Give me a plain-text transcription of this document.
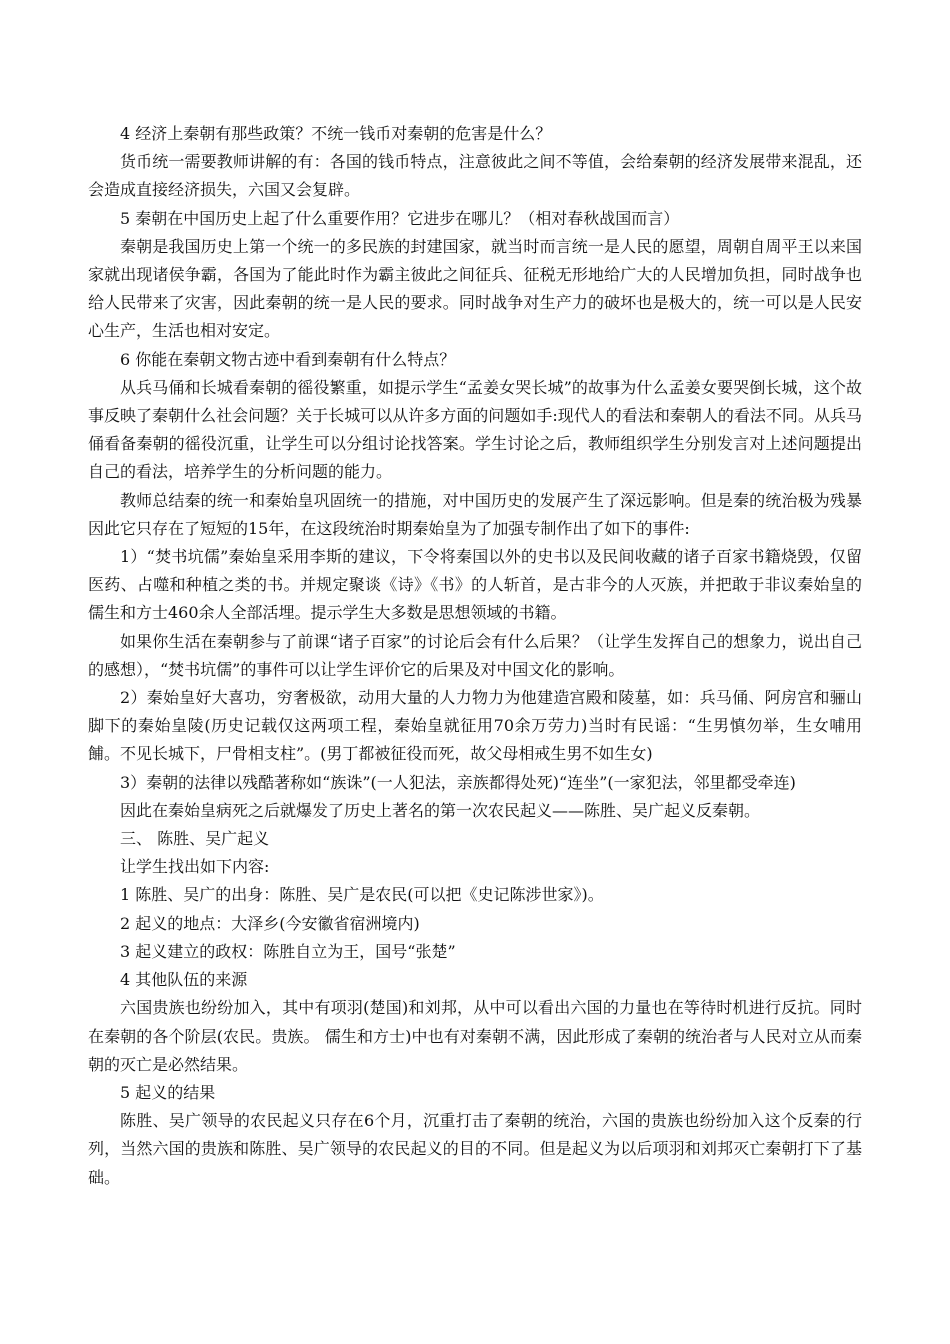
4 经济上秦朝有那些政策？不统一钱币对秦朝的危害是什么？

货币统一需要教师讲解的有：各国的钱币特点，注意彼此之间不等值，会给秦朝的经济发展带来混乱，还会造成直接经济损失，六国又会复辟。

5 秦朝在中国历史上起了什么重要作用？它进步在哪儿？（相对春秋战国而言）

秦朝是我国历史上第一个统一的多民族的封建国家，就当时而言统一是人民的愿望，周朝自周平王以来国家就出现诸侯争霸，各国为了能此时作为霸主彼此之间征兵、征税无形地给广大的人民增加负担，同时战争也给人民带来了灾害，因此秦朝的统一是人民的要求。同时战争对生产力的破坏也是极大的，统一可以是人民安心生产，生活也相对安定。

6 你能在秦朝文物古迹中看到秦朝有什么特点？

从兵马俑和长城看秦朝的徭役繁重，如提示学生“孟姜女哭长城”的故事为什么孟姜女要哭倒长城，这个故事反映了秦朝什么社会问题？关于长城可以从许多方面的问题如手:现代人的看法和秦朝人的看法不同。从兵马俑看备秦朝的徭役沉重，让学生可以分组讨论找答案。学生讨论之后，教师组织学生分别发言对上述问题提出自己的看法，培养学生的分析问题的能力。

教师总结秦的统一和秦始皇巩固统一的措施，对中国历史的发展产生了深远影响。但是秦的统治极为残暴因此它只存在了短短的15年，在这段统治时期秦始皇为了加强专制作出了如下的事件:

1）“焚书坑儒”秦始皇采用李斯的建议，下令将秦国以外的史书以及民间收藏的诸子百家书籍烧毁，仅留医药、占噬和种植之类的书。并规定聚谈《诗》《书》的人斩首，是古非今的人灭族，并把敢于非议秦始皇的儒生和方士460余人全部活埋。提示学生大多数是思想领域的书籍。

如果你生活在秦朝参与了前课“诸子百家”的讨论后会有什么后果？（让学生发挥自己的想象力，说出自己的感想），“焚书坑儒”的事件可以让学生评价它的后果及对中国文化的影响。

2）秦始皇好大喜功，穷奢极欲，动用大量的人力物力为他建造宫殿和陵墓，如：兵马俑、阿房宫和骊山脚下的秦始皇陵(历史记载仅这两项工程，秦始皇就征用70余万劳力)当时有民谣：“生男慎勿举，生女哺用餔。不见长城下，尸骨相支柱”。(男丁都被征役而死，故父母相戒生男不如生女)

3）秦朝的法律以残酷著称如“族诛”(一人犯法，亲族都得处死)“连坐”(一家犯法，邻里都受牵连)

因此在秦始皇病死之后就爆发了历史上著名的第一次农民起义——陈胜、吴广起义反秦朝。

三、 陈胜、吴广起义

让学生找出如下内容:

1 陈胜、吴广的出身：陈胜、吴广是农民(可以把《史记陈涉世家》)。

2 起义的地点：大泽乡(今安徽省宿洲境内)

3 起义建立的政权：陈胜自立为王，国号“张楚”

4 其他队伍的来源

六国贵族也纷纷加入，其中有项羽(楚国)和刘邦，从中可以看出六国的力量也在等待时机进行反抗。同时在秦朝的各个阶层(农民。贵族。 儒生和方士)中也有对秦朝不满，因此形成了秦朝的统治者与人民对立从而秦朝的灭亡是必然结果。

5 起义的结果

陈胜、吴广领导的农民起义只存在6个月，沉重打击了秦朝的统治，六国的贵族也纷纷加入这个反秦的行列，当然六国的贵族和陈胜、吴广领导的农民起义的目的不同。但是起义为以后项羽和刘邦灭亡秦朝打下了基础。
